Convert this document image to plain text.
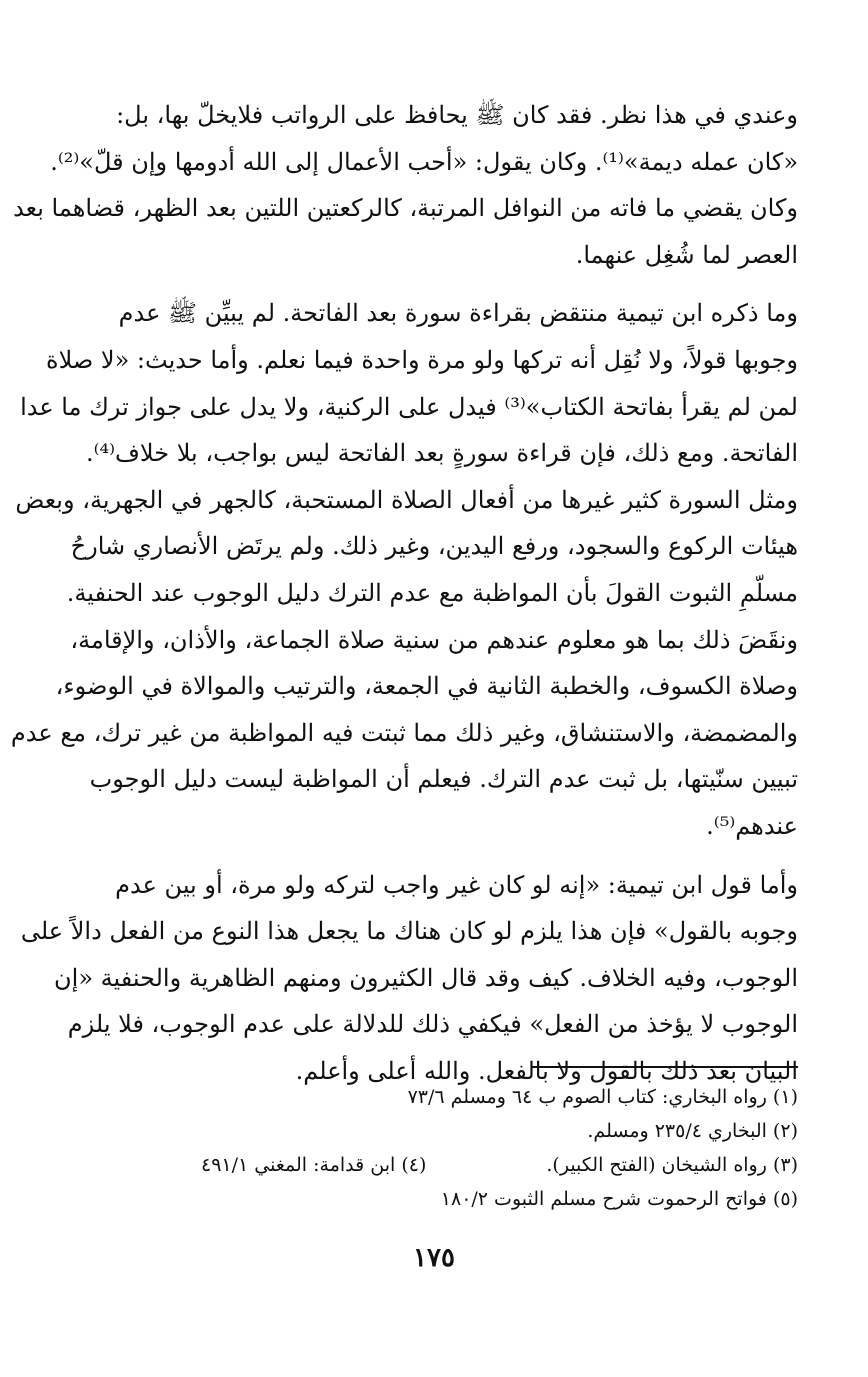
وعندي في هذا نظر. فقد كان ﷺ يحافظ على الرواتب فلايخلّ بها، بل:
«كان عمله ديمة»⁽¹⁾. وكان يقول: «أحب الأعمال إلى الله أدومها وإن قلّ»⁽²⁾.
وكان يقضي ما فاته من النوافل المرتبة، كالركعتين اللتين بعد الظهر، قضاهما بعد
العصر لما شُغِل عنهما.

وما ذكره ابن تيمية منتقض بقراءة سورة بعد الفاتحة. لم يبيِّن ﷺ عدم
وجوبها قولاً، ولا نُقِل أنه تركها ولو مرة واحدة فيما نعلم. وأما حديث: «لا صلاة
لمن لم يقرأ بفاتحة الكتاب»⁽³⁾ فيدل على الركنية، ولا يدل على جواز ترك ما عدا
الفاتحة. ومع ذلك، فإن قراءة سورةٍ بعد الفاتحة ليس بواجب، بلا خلاف⁽⁴⁾.
ومثل السورة كثير غيرها من أفعال الصلاة المستحبة، كالجهر في الجهرية، وبعض
هيئات الركوع والسجود، ورفع اليدين، وغير ذلك. ولم يرتَض الأنصاري شارحُ
مسلّمِ الثبوت القولَ بأن المواظبة مع عدم الترك دليل الوجوب عند الحنفية.
ونقَضَ ذلك بما هو معلوم عندهم من سنية صلاة الجماعة، والأذان، والإقامة،
وصلاة الكسوف، والخطبة الثانية في الجمعة، والترتيب والموالاة في الوضوء،
والمضمضة، والاستنشاق، وغير ذلك مما ثبتت فيه المواظبة من غير ترك، مع عدم
تبيين سنّيتها، بل ثبت عدم الترك. فيعلم أن المواظبة ليست دليل الوجوب
عندهم⁽⁵⁾.

وأما قول ابن تيمية: «إنه لو كان غير واجب لتركه ولو مرة، أو بين عدم
وجوبه بالقول» فإن هذا يلزم لو كان هناك ما يجعل هذا النوع من الفعل دالاً على
الوجوب، وفيه الخلاف. كيف وقد قال الكثيرون ومنهم الظاهرية والحنفية «إن
الوجوب لا يؤخذ من الفعل» فيكفي ذلك للدلالة على عدم الوجوب، فلا يلزم
البيان بعد ذلك بالقول ولا بالفعل. والله أعلى وأعلم.

(١) رواه البخاري: كتاب الصوم ب ٦٤ ومسلم ٧٣/٦
(٢) البخاري ٢٣٥/٤ ومسلم.
(٣) رواه الشيخان (الفتح الكبير).
(٤) ابن قدامة: المغني ٤٩١/١
(٥) فواتح الرحموت شرح مسلم الثبوت ١٨٠/٢
١٧٥
